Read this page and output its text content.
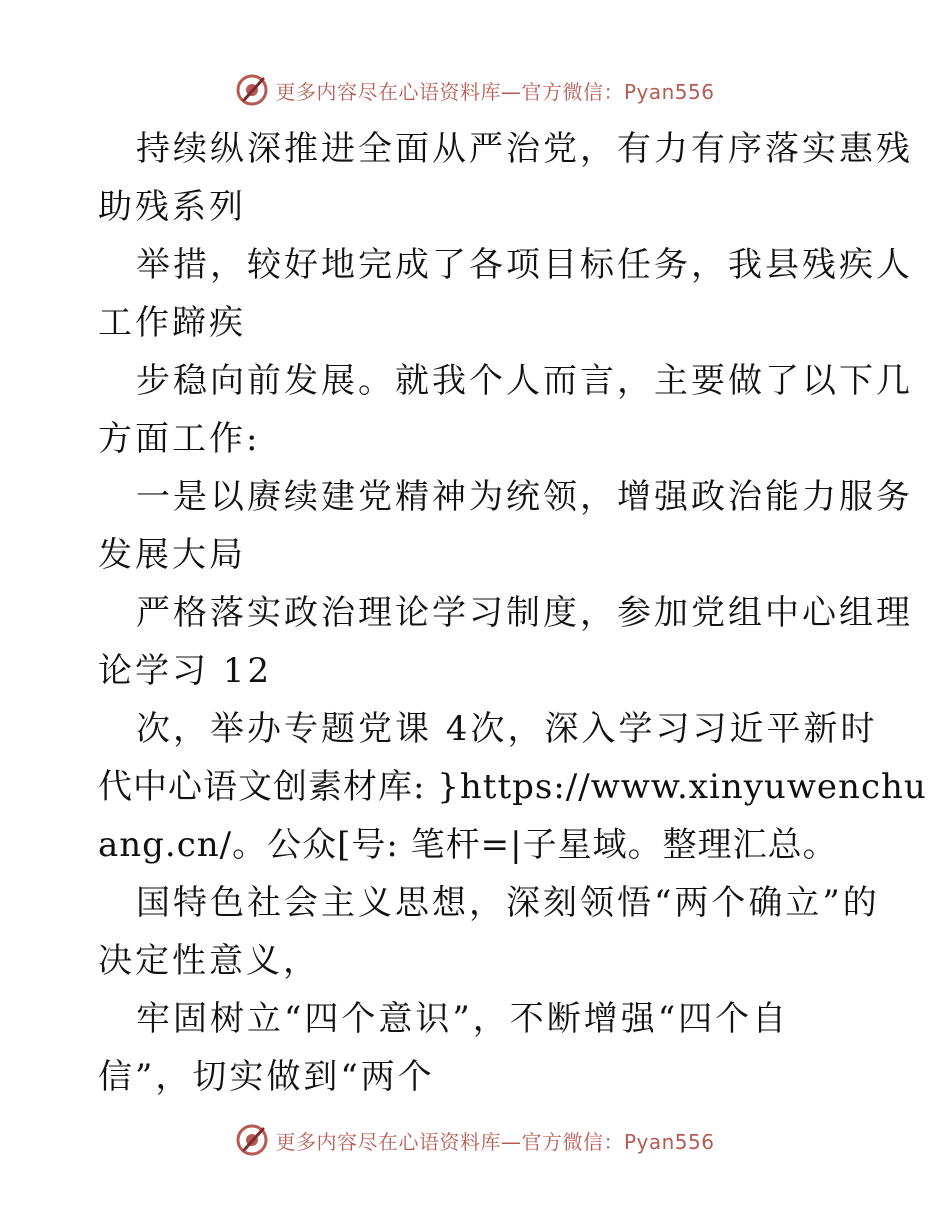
更多内容尽在心语资料库—官方微信：Pyan556
持续纵深推进全面从严治党，有力有序落实惠残
助残系列
举措，较好地完成了各项目标任务，我县残疾人
工作蹄疾
步稳向前发展。就我个人而言，主要做了以下几
方面工作:
一是以赓续建党精神为统领，增强政治能力服务
发展大局
严格落实政治理论学习制度，参加党组中心组理
论学习 12
次，举办专题党课 4次，深入学习习近平新时
代中心语文创素材库: }https://www.xinyuwenchu
ang.cn/。公众[号: 笔杆=|子星域。整理汇总。
国特色社会主义思想，深刻领悟“两个确立”的
决定性意义，
牢固树立“四个意识”，不断增强“四个自
信”，切实做到“两个
更多内容尽在心语资料库—官方微信：Pyan556
